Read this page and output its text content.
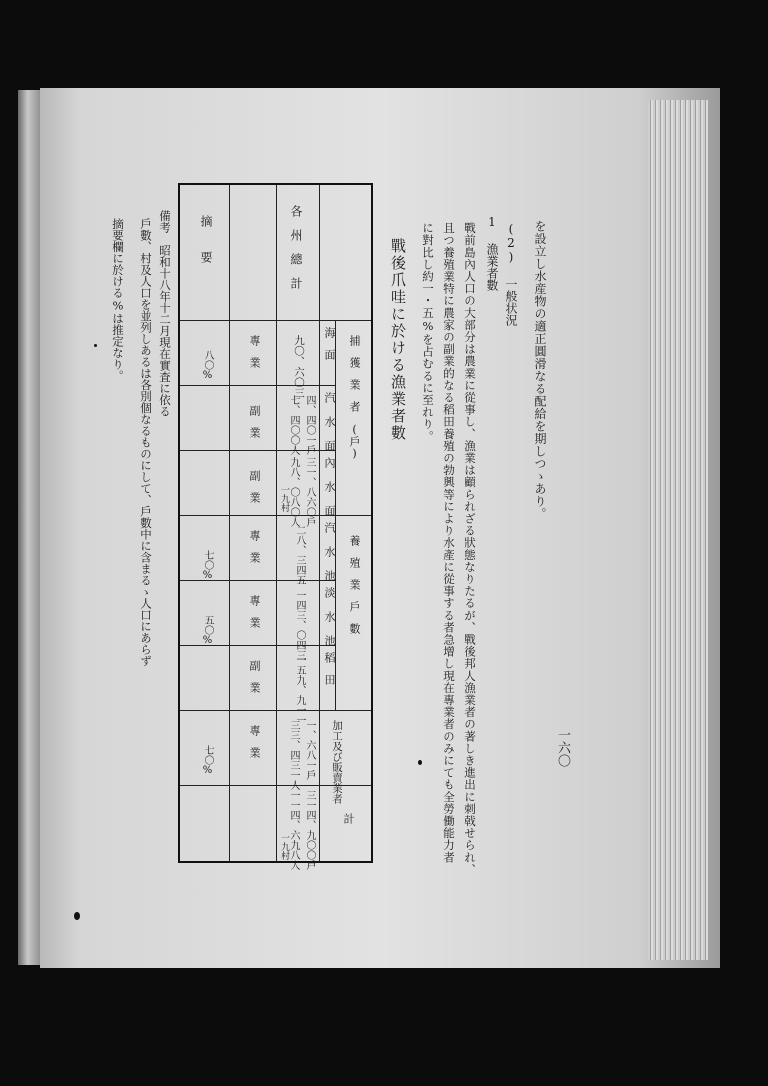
一六〇
を設立し水産物の適正圓滑なる配給を期しつゝあり。
(2) 一般状況
1 漁業者數
戰前島內人口の大部分は農業に從事し、漁業は顧られざる狀態なりたるが、戰後邦人漁業者の著しき進出に刺戟せられ、
且つ養殖業特に農家の副業的なる稻田養殖の勃興等により水產に從事する者急增し現在專業者のみにても全勞働能力者
に對比し約一・五%を占むるに至れり。
戰後爪哇に於ける漁業者數
捕　獲　業　者　(戶)
養　殖　業　戶　數
加工及び販賣業者
計
海　面
汽 水 面
內 水 面
汽 水 池
淡 水 池
稻　田
各　州　總　計
摘　　要
九〇、六〇三
四、四〇一戶
七、四〇〇人
三一、八六〇戶
九八、〇八〇人
一九村
二八、三四五
一四三、〇四三
一五九、九一一
一、六八一戶
三三、四三一人
三一四、九〇〇戶
一一四、六九八人
一九村
專　業
八〇%
副　業
副　業
專　業
七〇%
專　業
五〇%
副　業
專　業
七〇%
備考　昭和十八年十二月現在實査に依る
戶數、村及人口を並列しあるは各別個なるものにして、戶數中に含まるゝ人口にあらず
摘要欄に於ける%は推定なり。
